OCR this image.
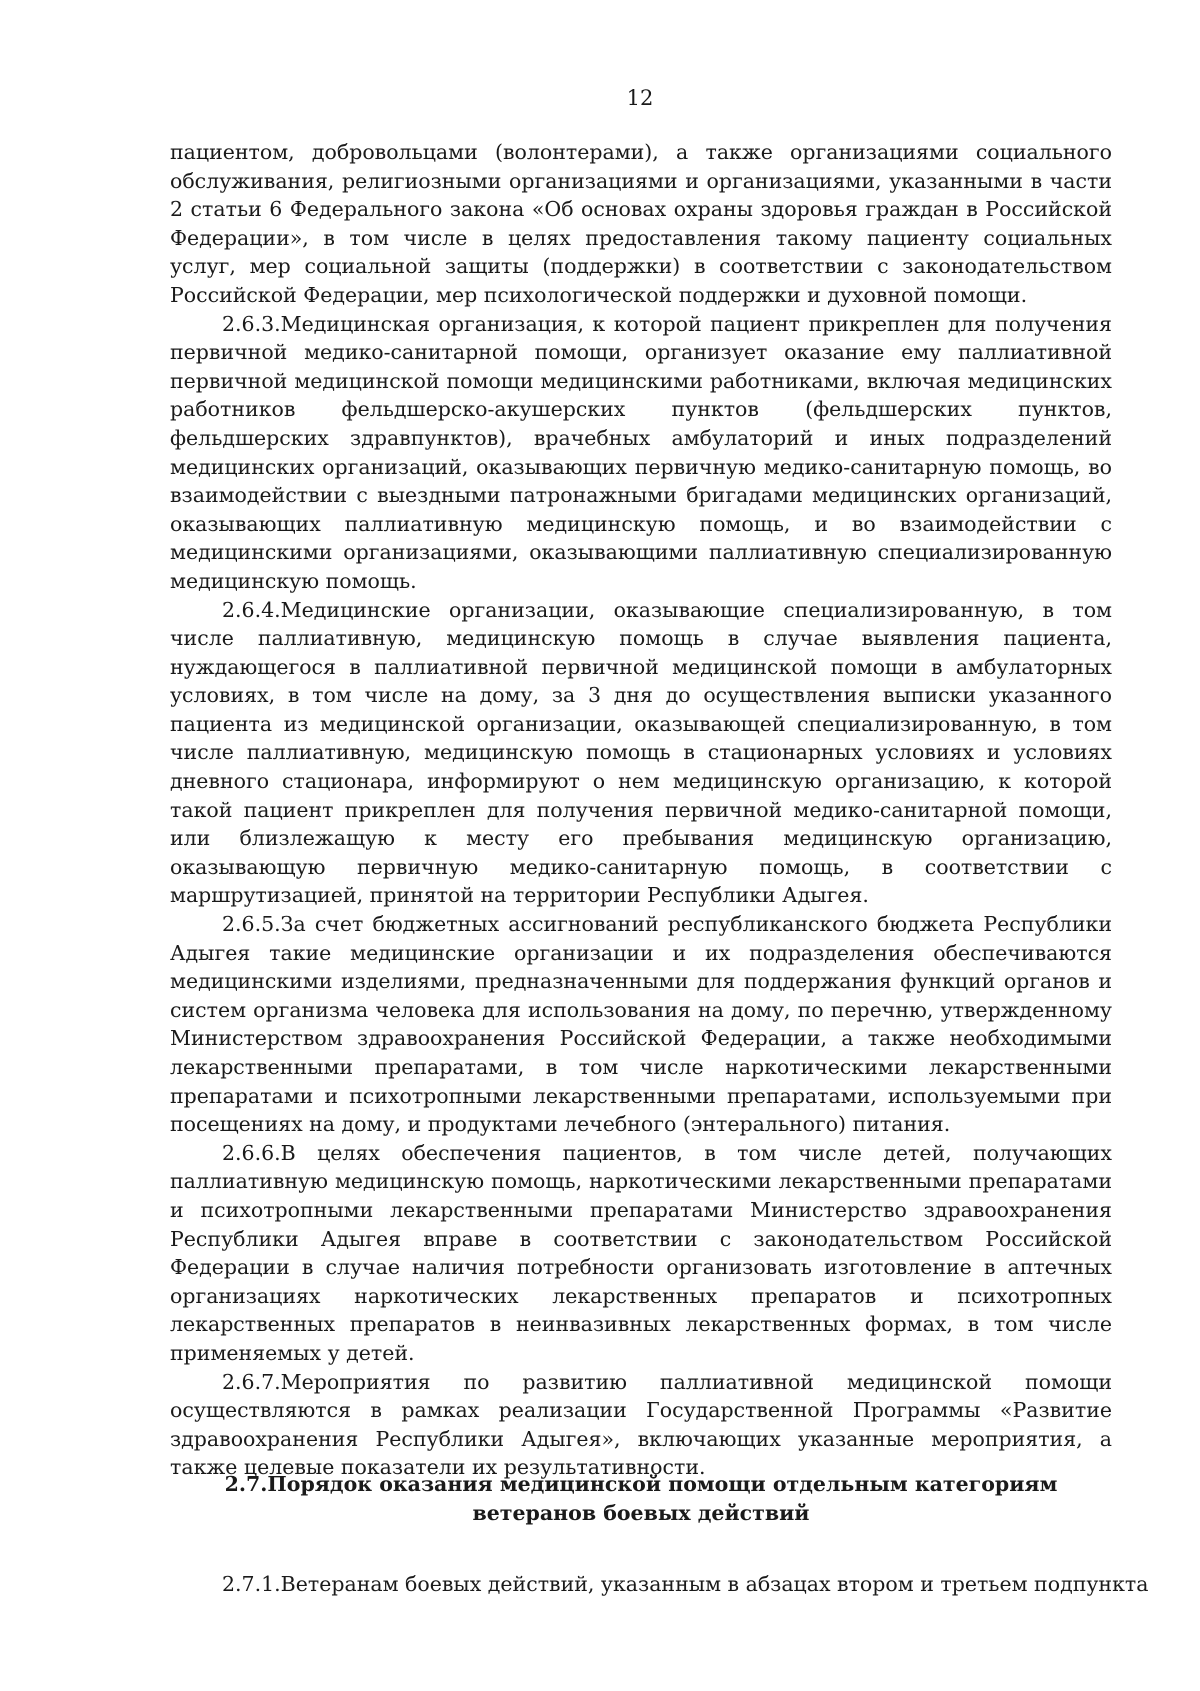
12

пациентом, добровольцами (волонтерами), а также организациями социального обслуживания, религиозными организациями и организациями, указанными в части 2 статьи 6 Федерального закона «Об основах охраны здоровья граждан в Российской Федерации», в том числе в целях предоставления такому пациенту социальных услуг, мер социальной защиты (поддержки) в соответствии с законодательством Российской Федерации, мер психологической поддержки и духовной помощи.

2.6.3.Медицинская организация, к которой пациент прикреплен для получения первичной медико-санитарной помощи, организует оказание ему паллиативной первичной медицинской помощи медицинскими работниками, включая медицинских работников фельдшерско-акушерских пунктов (фельдшерских пунктов, фельдшерских здравпунктов), врачебных амбулаторий и иных подразделений медицинских организаций, оказывающих первичную медико-санитарную помощь, во взаимодействии с выездными патронажными бригадами медицинских организаций, оказывающих паллиативную медицинскую помощь, и во взаимодействии с медицинскими организациями, оказывающими паллиативную специализированную медицинскую помощь.

2.6.4.Медицинские организации, оказывающие специализированную, в том числе паллиативную, медицинскую помощь в случае выявления пациента, нуждающегося в паллиативной первичной медицинской помощи в амбулаторных условиях, в том числе на дому, за 3 дня до осуществления выписки указанного пациента из медицинской организации, оказывающей специализированную, в том числе паллиативную, медицинскую помощь в стационарных условиях и условиях дневного стационара, информируют о нем медицинскую организацию, к которой такой пациент прикреплен для получения первичной медико-санитарной помощи, или близлежащую к месту его пребывания медицинскую организацию, оказывающую первичную медико-санитарную помощь, в соответствии с маршрутизацией, принятой на территории Республики Адыгея.

2.6.5.За счет бюджетных ассигнований республиканского бюджета Республики Адыгея такие медицинские организации и их подразделения обеспечиваются медицинскими изделиями, предназначенными для поддержания функций органов и систем организма человека для использования на дому, по перечню, утвержденному Министерством здравоохранения Российской Федерации, а также необходимыми лекарственными препаратами, в том числе наркотическими лекарственными препаратами и психотропными лекарственными препаратами, используемыми при посещениях на дому, и продуктами лечебного (энтерального) питания.

2.6.6.В целях обеспечения пациентов, в том числе детей, получающих паллиативную медицинскую помощь, наркотическими лекарственными препаратами и психотропными лекарственными препаратами Министерство здравоохранения Республики Адыгея вправе в соответствии с законодательством Российской Федерации в случае наличия потребности организовать изготовление в аптечных организациях наркотических лекарственных препаратов и психотропных лекарственных препаратов в неинвазивных лекарственных формах, в том числе применяемых у детей.

2.6.7.Мероприятия по развитию паллиативной медицинской помощи осуществляются в рамках реализации Государственной Программы «Развитие здравоохранения Республики Адыгея», включающих указанные мероприятия, а также целевые показатели их результативности.

2.7.Порядок оказания медицинской помощи отдельным категориям

ветеранов боевых действий

2.7.1.Ветеранам боевых действий, указанным в абзацах втором и третьем подпункта
